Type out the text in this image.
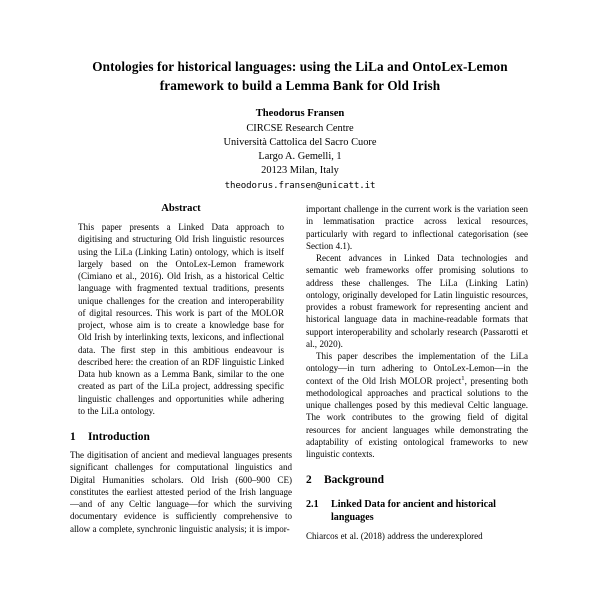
Ontologies for historical languages: using the LiLa and OntoLex-Lemon framework to build a Lemma Bank for Old Irish
Theodorus Fransen
CIRCSE Research Centre
Università Cattolica del Sacro Cuore
Largo A. Gemelli, 1
20123 Milan, Italy
theodorus.fransen@unicatt.it
Abstract

This paper presents a Linked Data approach to digitising and structuring Old Irish linguistic resources using the LiLa (Linking Latin) ontology, which is itself largely based on the OntoLex-Lemon framework (Cimiano et al., 2016). Old Irish, as a historical Celtic language with fragmented textual traditions, presents unique challenges for the creation and interoperability of digital resources. This work is part of the MOLOR project, whose aim is to create a knowledge base for Old Irish by interlinking texts, lexicons, and inflectional data. The first step in this ambitious endeavour is described here: the creation of an RDF linguistic Linked Data hub known as a Lemma Bank, similar to the one created as part of the LiLa project, addressing specific linguistic challenges and opportunities while adhering to the LiLa ontology.

1 Introduction

The digitisation of ancient and medieval languages presents significant challenges for computational linguistics and Digital Humanities scholars. Old Irish (600–900 CE) constitutes the earliest attested period of the Irish language—and of any Celtic language—for which the surviving documentary evidence is sufficiently comprehensive to allow a complete, synchronic linguistic analysis; it is impor-

important challenge in the current work is the variation seen in lemmatisation practice across lexical resources, particularly with regard to inflectional categorisation (see Section 4.1).

Recent advances in Linked Data technologies and semantic web frameworks offer promising solutions to address these challenges. The LiLa (Linking Latin) ontology, originally developed for Latin linguistic resources, provides a robust framework for representing ancient and historical language data in machine-readable formats that support interoperability and scholarly research (Passarotti et al., 2020).

This paper describes the implementation of the LiLa ontology—in turn adhering to OntoLex-Lemon—in the context of the Old Irish MOLOR project$^1$, presenting both methodological approaches and practical solutions to the unique challenges posed by this medieval Celtic language. The work contributes to the growing field of digital resources for ancient languages while demonstrating the adaptability of existing ontological frameworks to new linguistic contexts.

2 Background
2.1	Linked Data for ancient and historical languages

Chiarcos et al. (2018) address the underexplored
